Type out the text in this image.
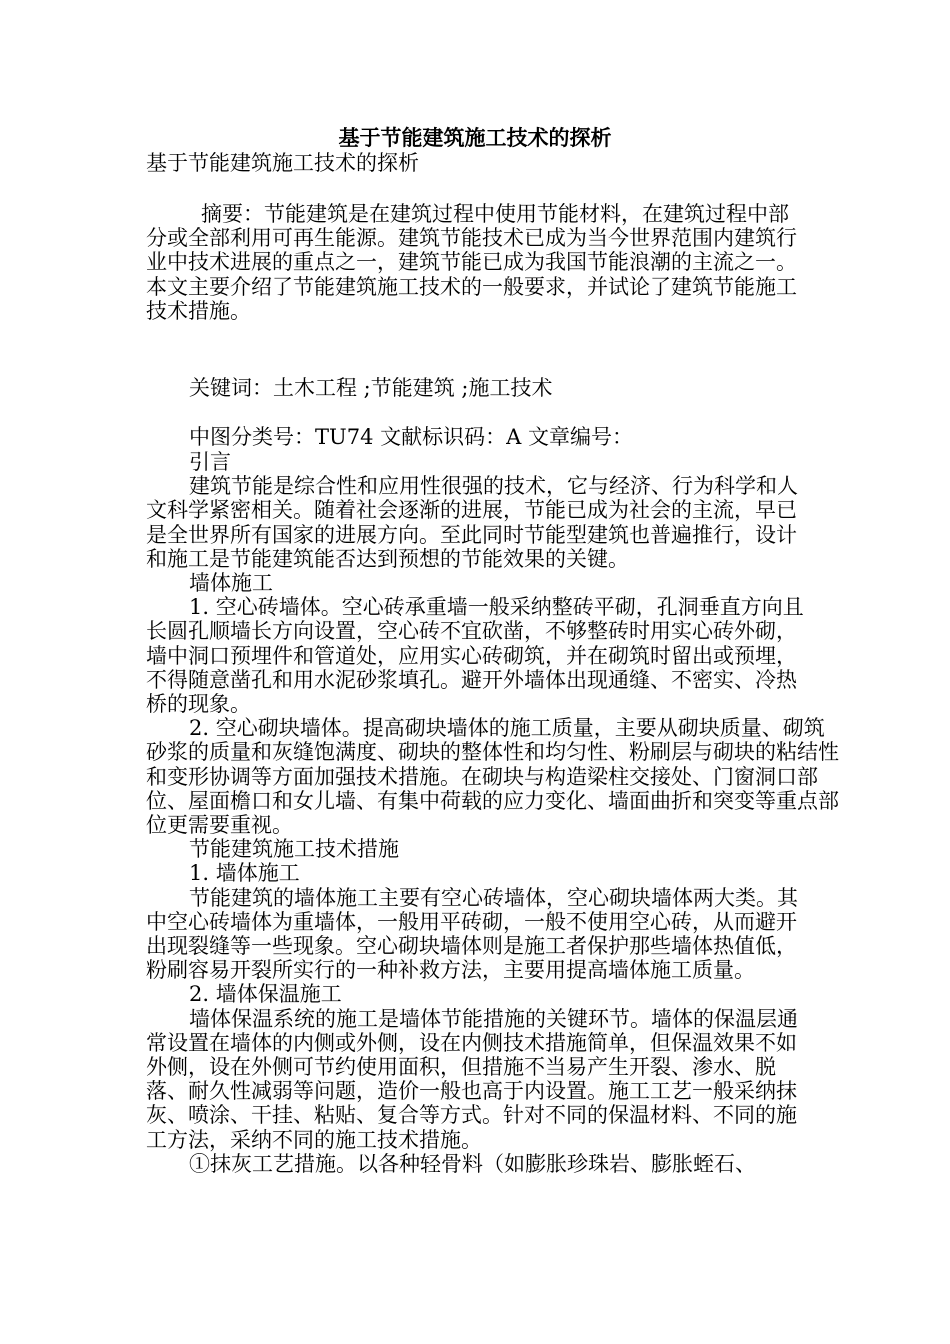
基于节能建筑施工技术的探析

基于节能建筑施工技术的探析

摘要：节能建筑是在建筑过程中使用节能材料，在建筑过程中部分或全部利用可再生能源。建筑节能技术已成为当今世界范围内建筑行业中技术进展的重点之一，建筑节能已成为我国节能浪潮的主流之一。本文主要介绍了节能建筑施工技术的一般要求，并试论了建筑节能施工技术措施。

关键词：土木工程 ;节能建筑 ;施工技术

中图分类号：TU74 文献标识码：A 文章编号：

引言

建筑节能是综合性和应用性很强的技术，它与经济、行为科学和人文科学紧密相关。随着社会逐渐的进展，节能已成为社会的主流，早已是全世界所有国家的进展方向。至此同时节能型建筑也普遍推行，设计和施工是节能建筑能否达到预想的节能效果的关键。

墙体施工

1. 空心砖墙体。空心砖承重墙一般采纳整砖平砌，孔洞垂直方向且长圆孔顺墙长方向设置，空心砖不宜砍凿，不够整砖时用实心砖外砌，墙中洞口预埋件和管道处，应用实心砖砌筑，并在砌筑时留出或预埋，不得随意凿孔和用水泥砂浆填孔。避开外墙体出现通缝、不密实、冷热桥的现象。

2. 空心砌块墙体。提高砌块墙体的施工质量，主要从砌块质量、砌筑砂浆的质量和灰缝饱满度、砌块的整体性和均匀性、粉刷层与砌块的粘结性和变形协调等方面加强技术措施。在砌块与构造梁柱交接处、门窗洞口部位、屋面檐口和女儿墙、有集中荷载的应力变化、墙面曲折和突变等重点部位更需要重视。

节能建筑施工技术措施

1. 墙体施工

节能建筑的墙体施工主要有空心砖墙体，空心砌块墙体两大类。其中空心砖墙体为重墙体，一般用平砖砌，一般不使用空心砖，从而避开出现裂缝等一些现象。空心砌块墙体则是施工者保护那些墙体热值低，粉刷容易开裂所实行的一种补救方法，主要用提高墙体施工质量。

2. 墙体保温施工

墙体保温系统的施工是墙体节能措施的关键环节。墙体的保温层通常设置在墙体的内侧或外侧，设在内侧技术措施简单，但保温效果不如外侧，设在外侧可节约使用面积，但措施不当易产生开裂、渗水、脱落、耐久性减弱等问题，造价一般也高于内设置。施工工艺一般采纳抹灰、喷涂、干挂、粘贴、复合等方式。针对不同的保温材料、不同的施工方法，采纳不同的施工技术措施。

①抹灰工艺措施。以各种轻骨料（如膨胀珍珠岩、膨胀蛭石、
